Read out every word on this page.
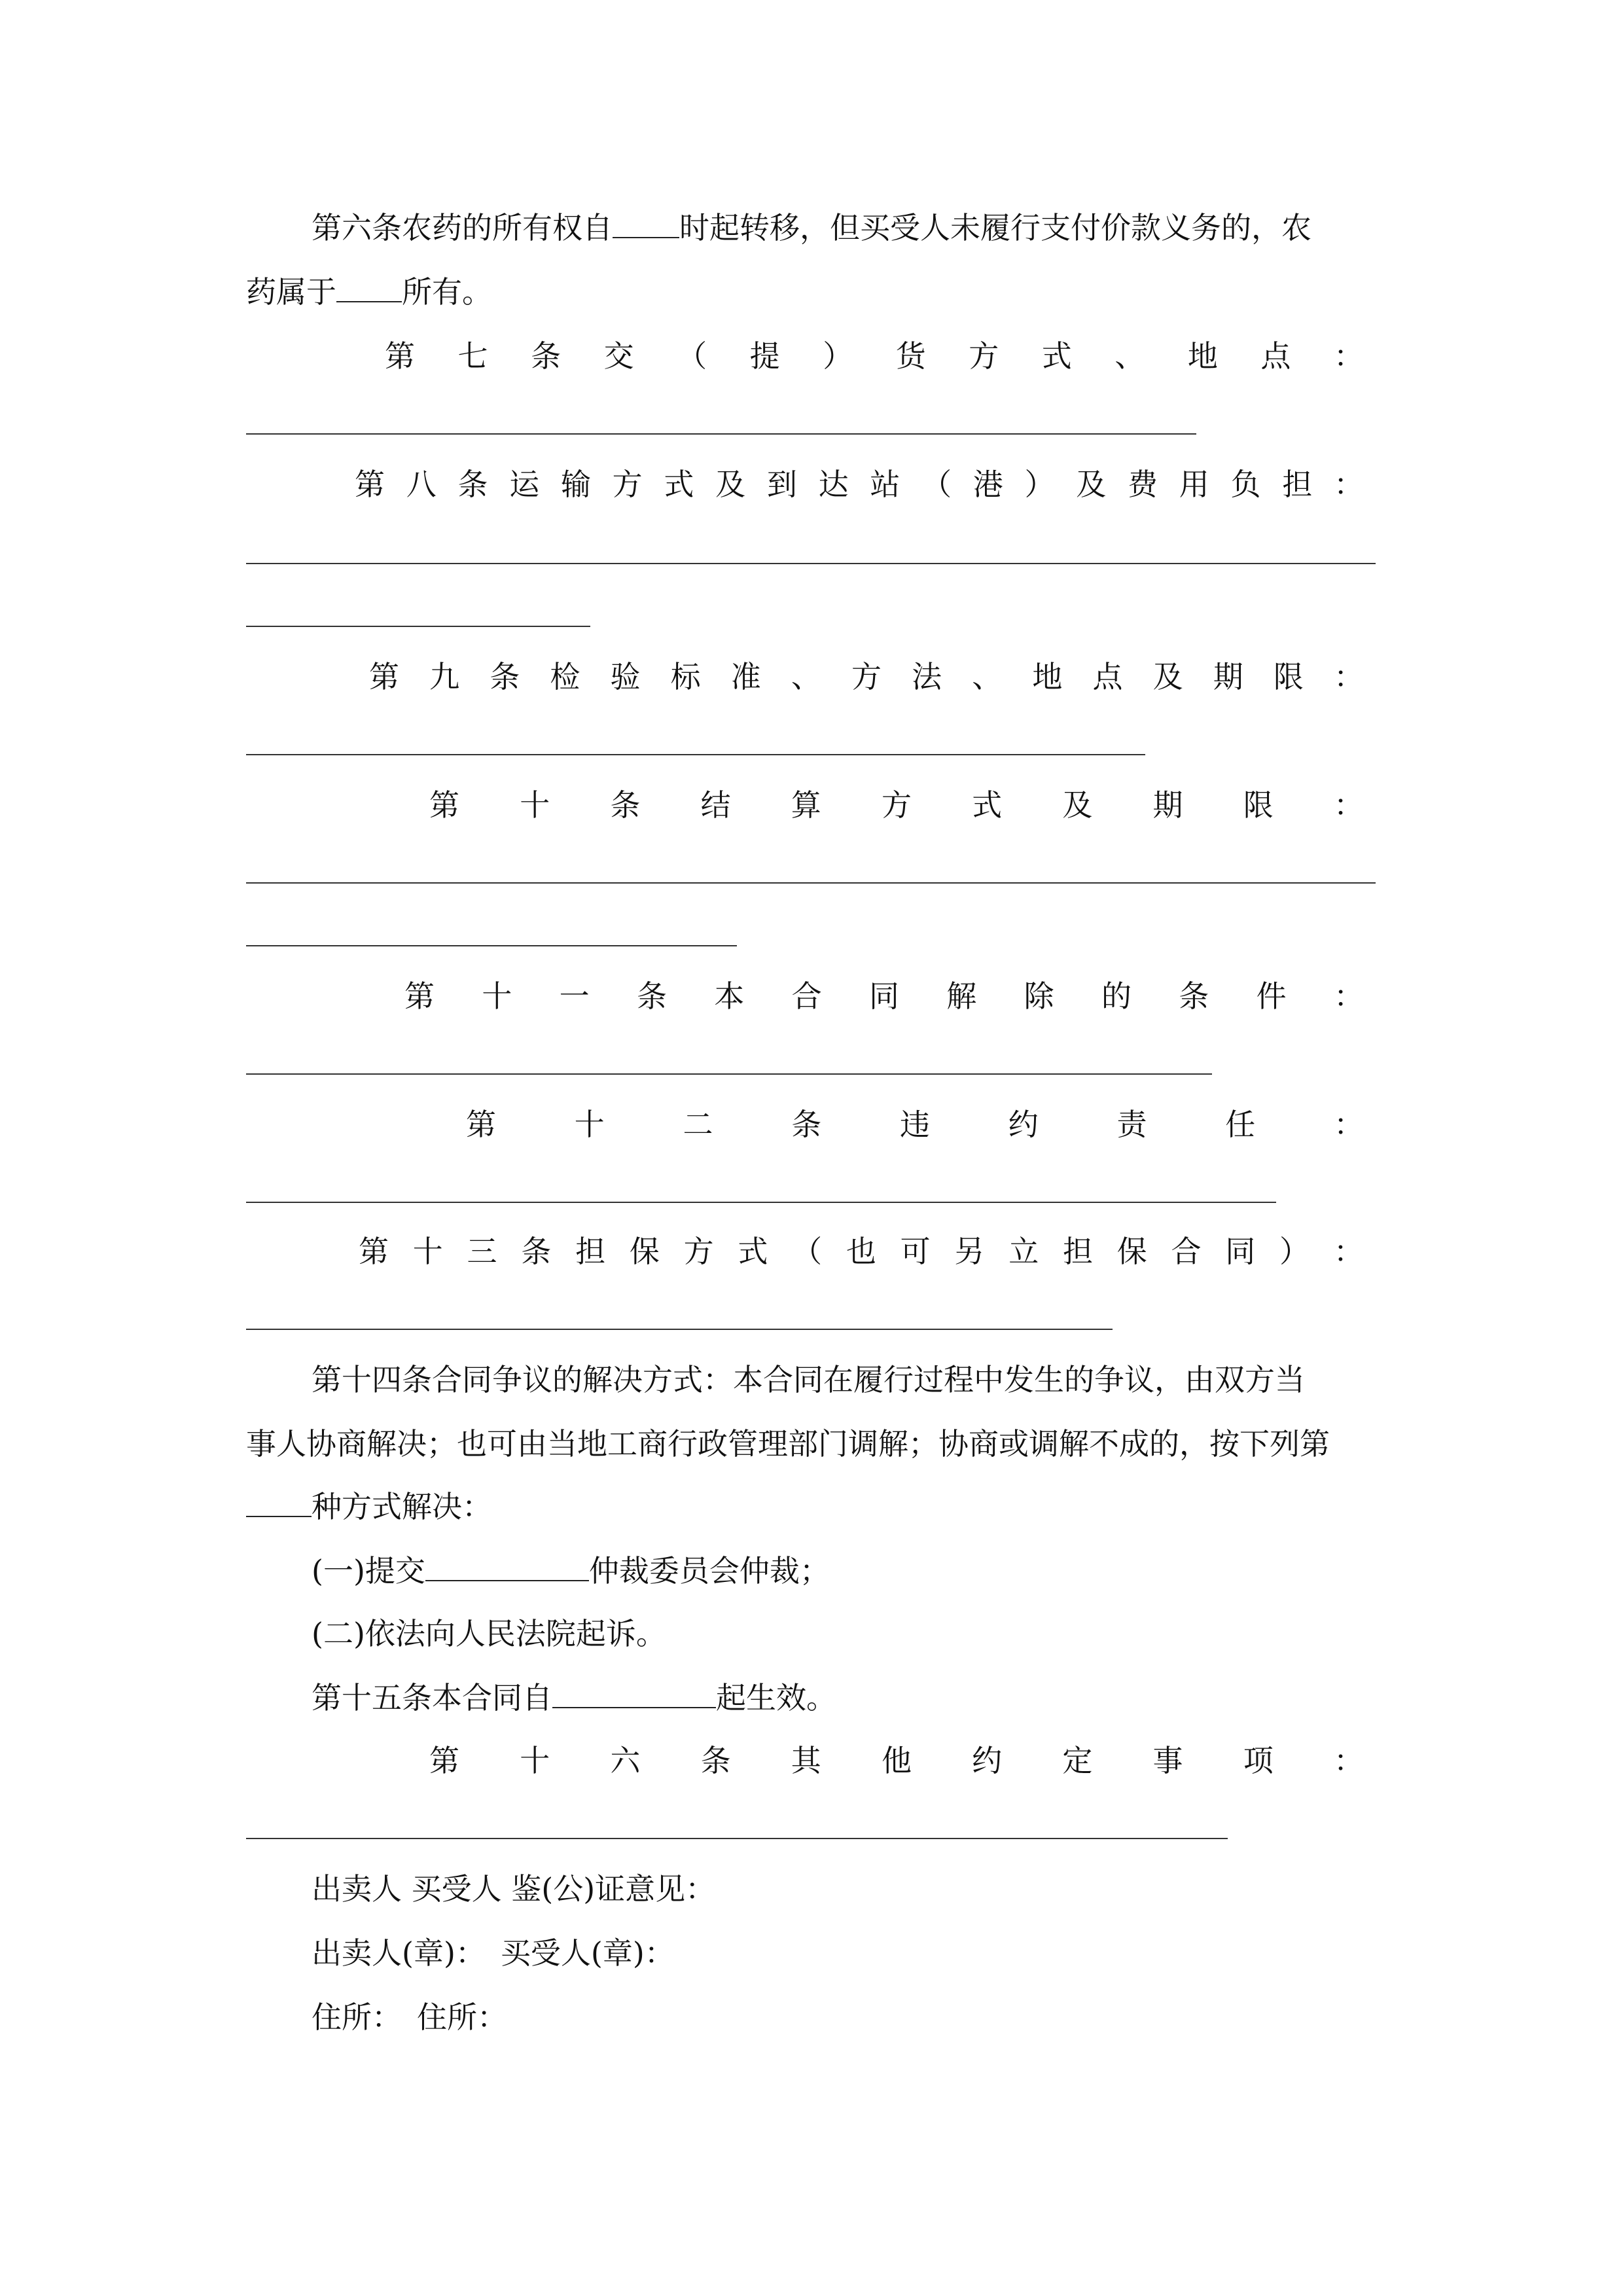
第六条农药的所有权自 时起转移，但买受人未履行支付价款义务的，农
药属于 所有。
第 七 条 交 （ 提 ） 货 方 式 、 地 点 ：
第 八 条 运 输 方 式 及 到 达 站 （ 港 ） 及 费 用 负 担 ：
第 九 条 检 验 标 准 、 方 法 、 地 点 及 期 限 ：
第 十 条 结 算 方 式 及 期 限 ：
第 十 一 条 本 合 同 解 除 的 条 件 ：
第	十	二	条	违	约	责	任	：
第 十 三 条 担 保 方 式 （ 也 可 另 立 担 保 合 同 ） ：
第十四条合同争议的解决方式：本合同在履行过程中发生的争议，由双方当
事人协商解决；也可由当地工商行政管理部门调解；协商或调解不成的，按下列第
种方式解决：
(一)提交	仲裁委员会仲裁；
(二)依法向人民法院起诉。
第十五条本合同自	起生效。
第 十 六 条 其 他 约 定 事 项 ：
出卖人 买受人 鉴(公)证意见：
出卖人(章)：　买受人(章)：
住所：　住所：
